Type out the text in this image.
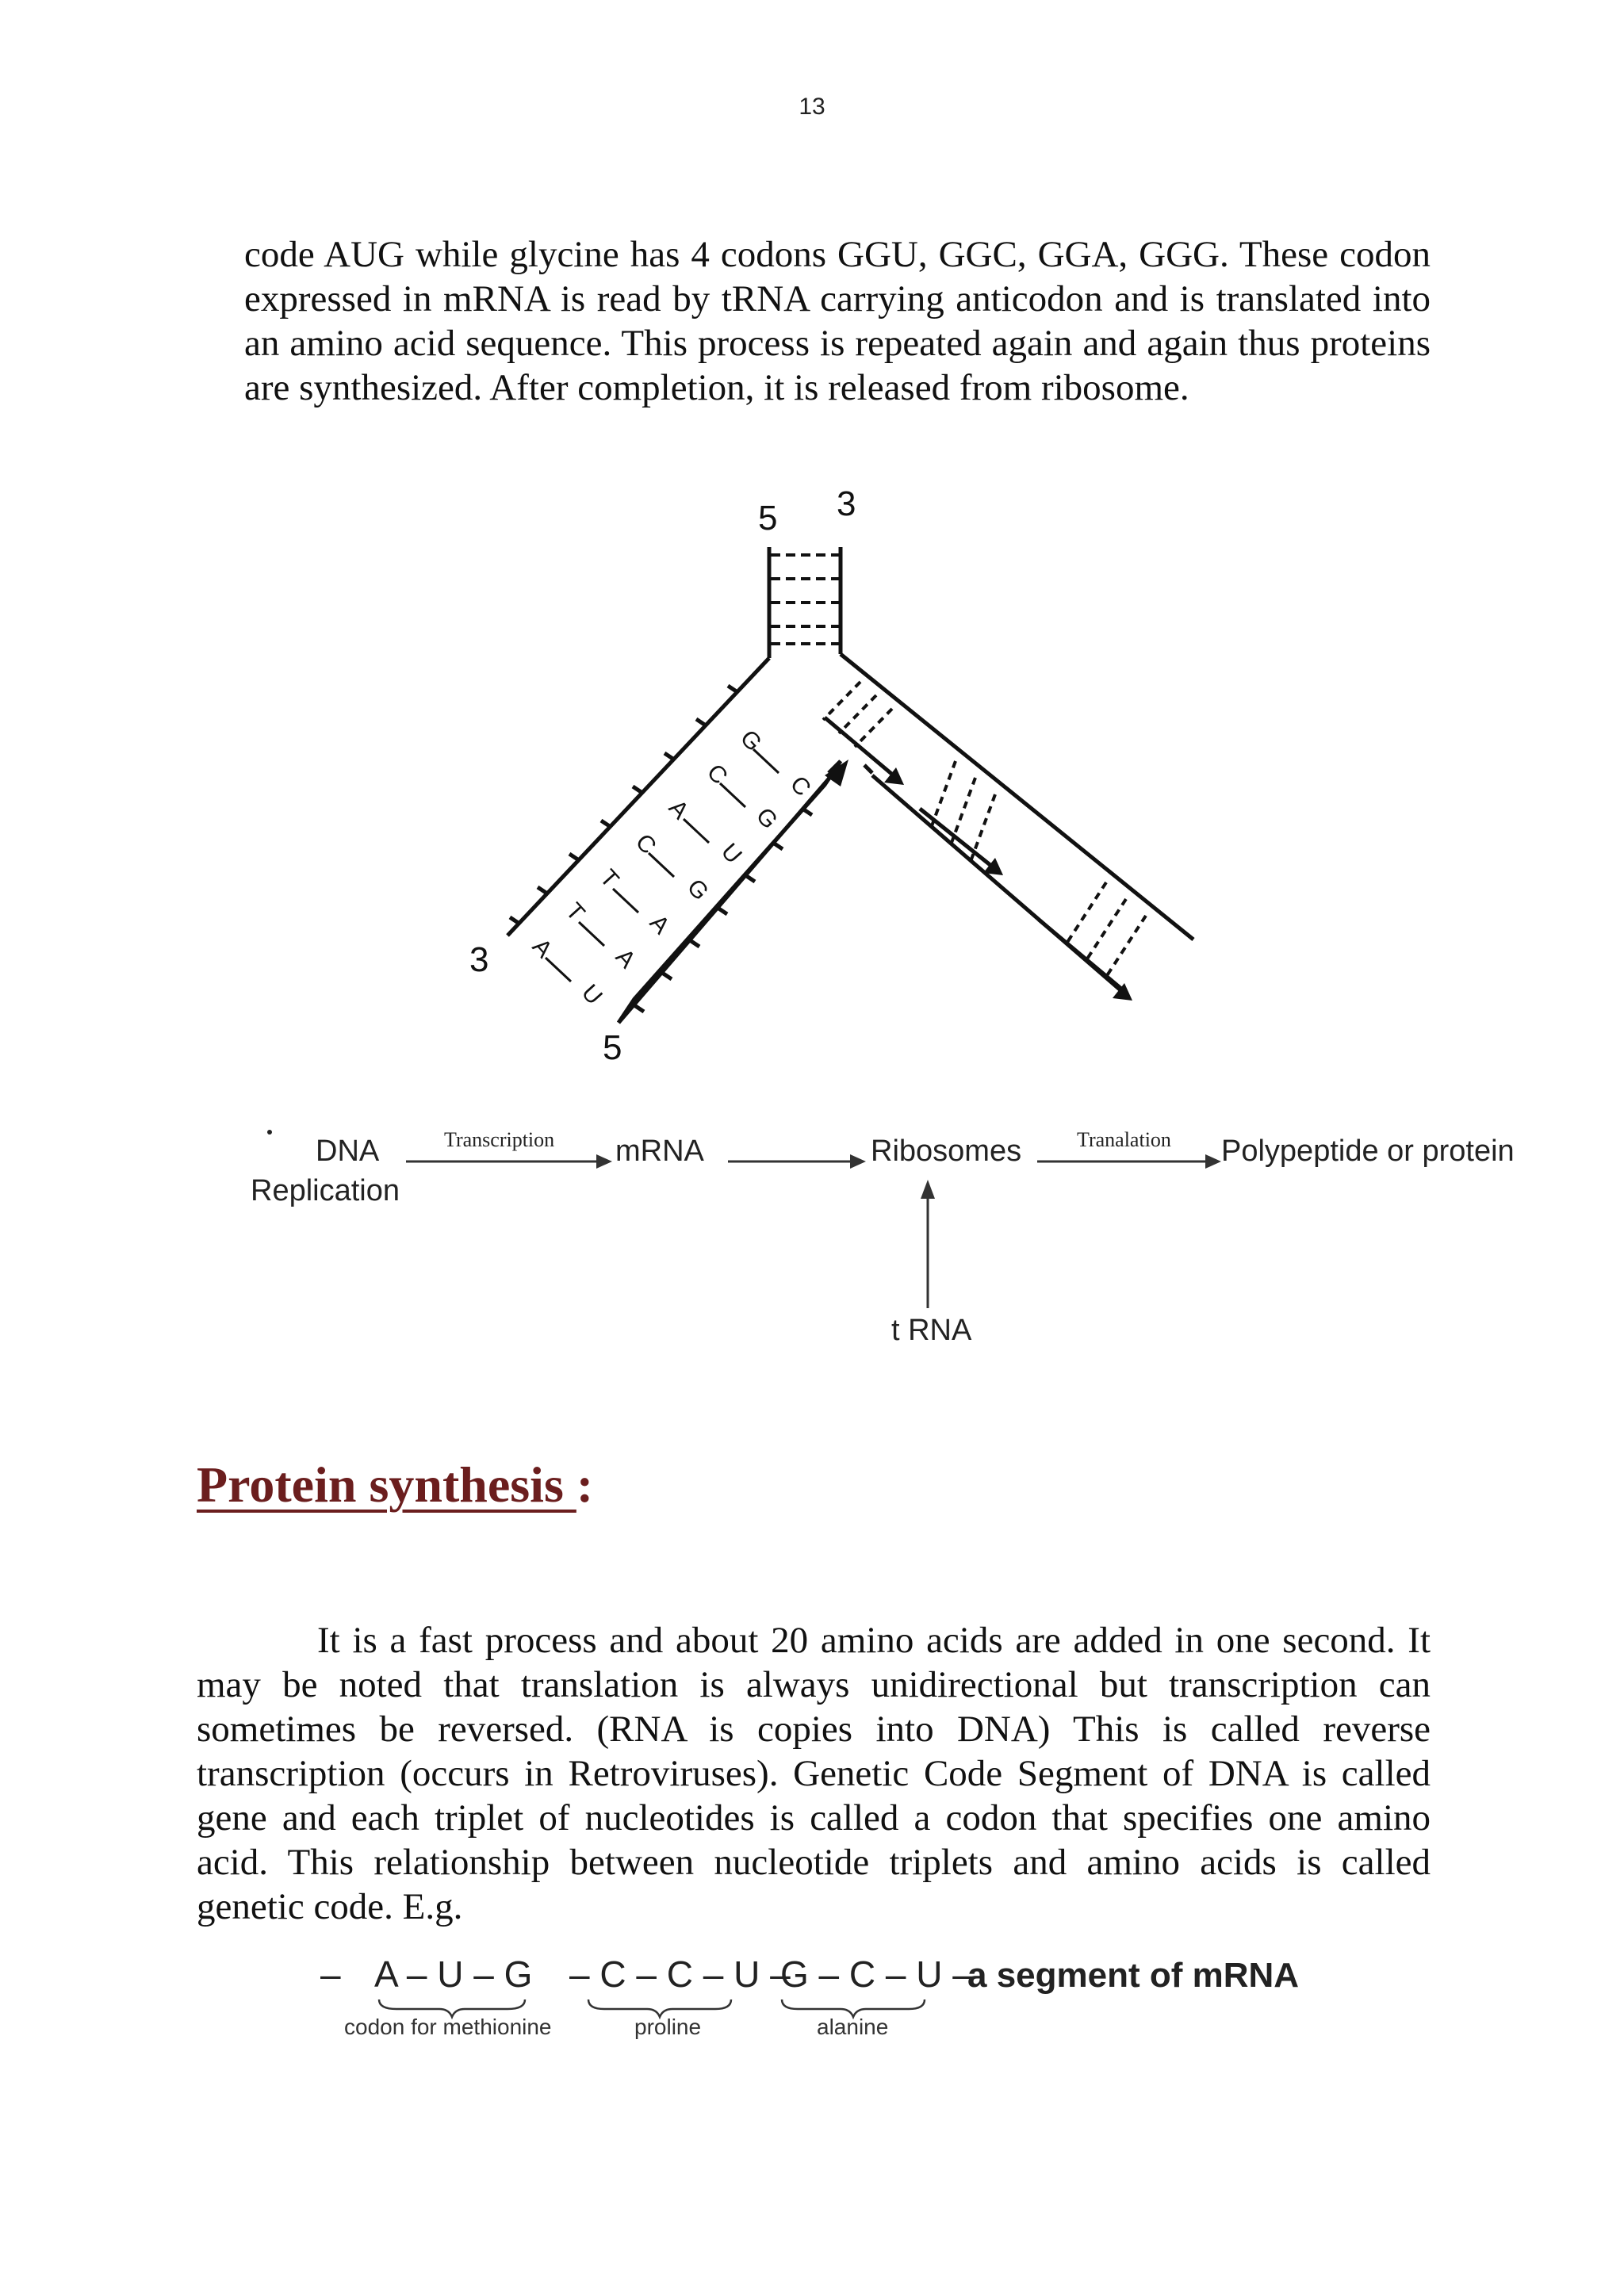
13

code AUG while glycine has 4 codons GGU, GGC, GGA, GGG. These codon expressed in mRNA is read by tRNA carrying anticodon and is translated into an amino acid sequence. This process is repeated again and again thus proteins are synthesized. After completion, it is released from ribosome.

G
C
C
G
A
U
C
G
T
A
T
A
A
U
5 3
3
5
DNA
Replication
Transcription mRNA	Ribosomes	Tranalation Polypeptide or protein
t RNA
Protein synthesis :

It is a fast process and about 20 amino acids are added in one second. It may be noted that translation is always unidirectional but transcription can sometimes be reversed. (RNA is copies into DNA) This is called reverse transcription (occurs in Retroviruses). Genetic Code Segment of DNA is called gene and each triplet of nucleotides is called a codon that specifies one amino acid. This relationship between nucleotide triplets and amino acids is called genetic code. E.g.

– A – U – G – C – C – U –
G – C – U –
a segment of mRNA
codon for methionine	proline	alanine
